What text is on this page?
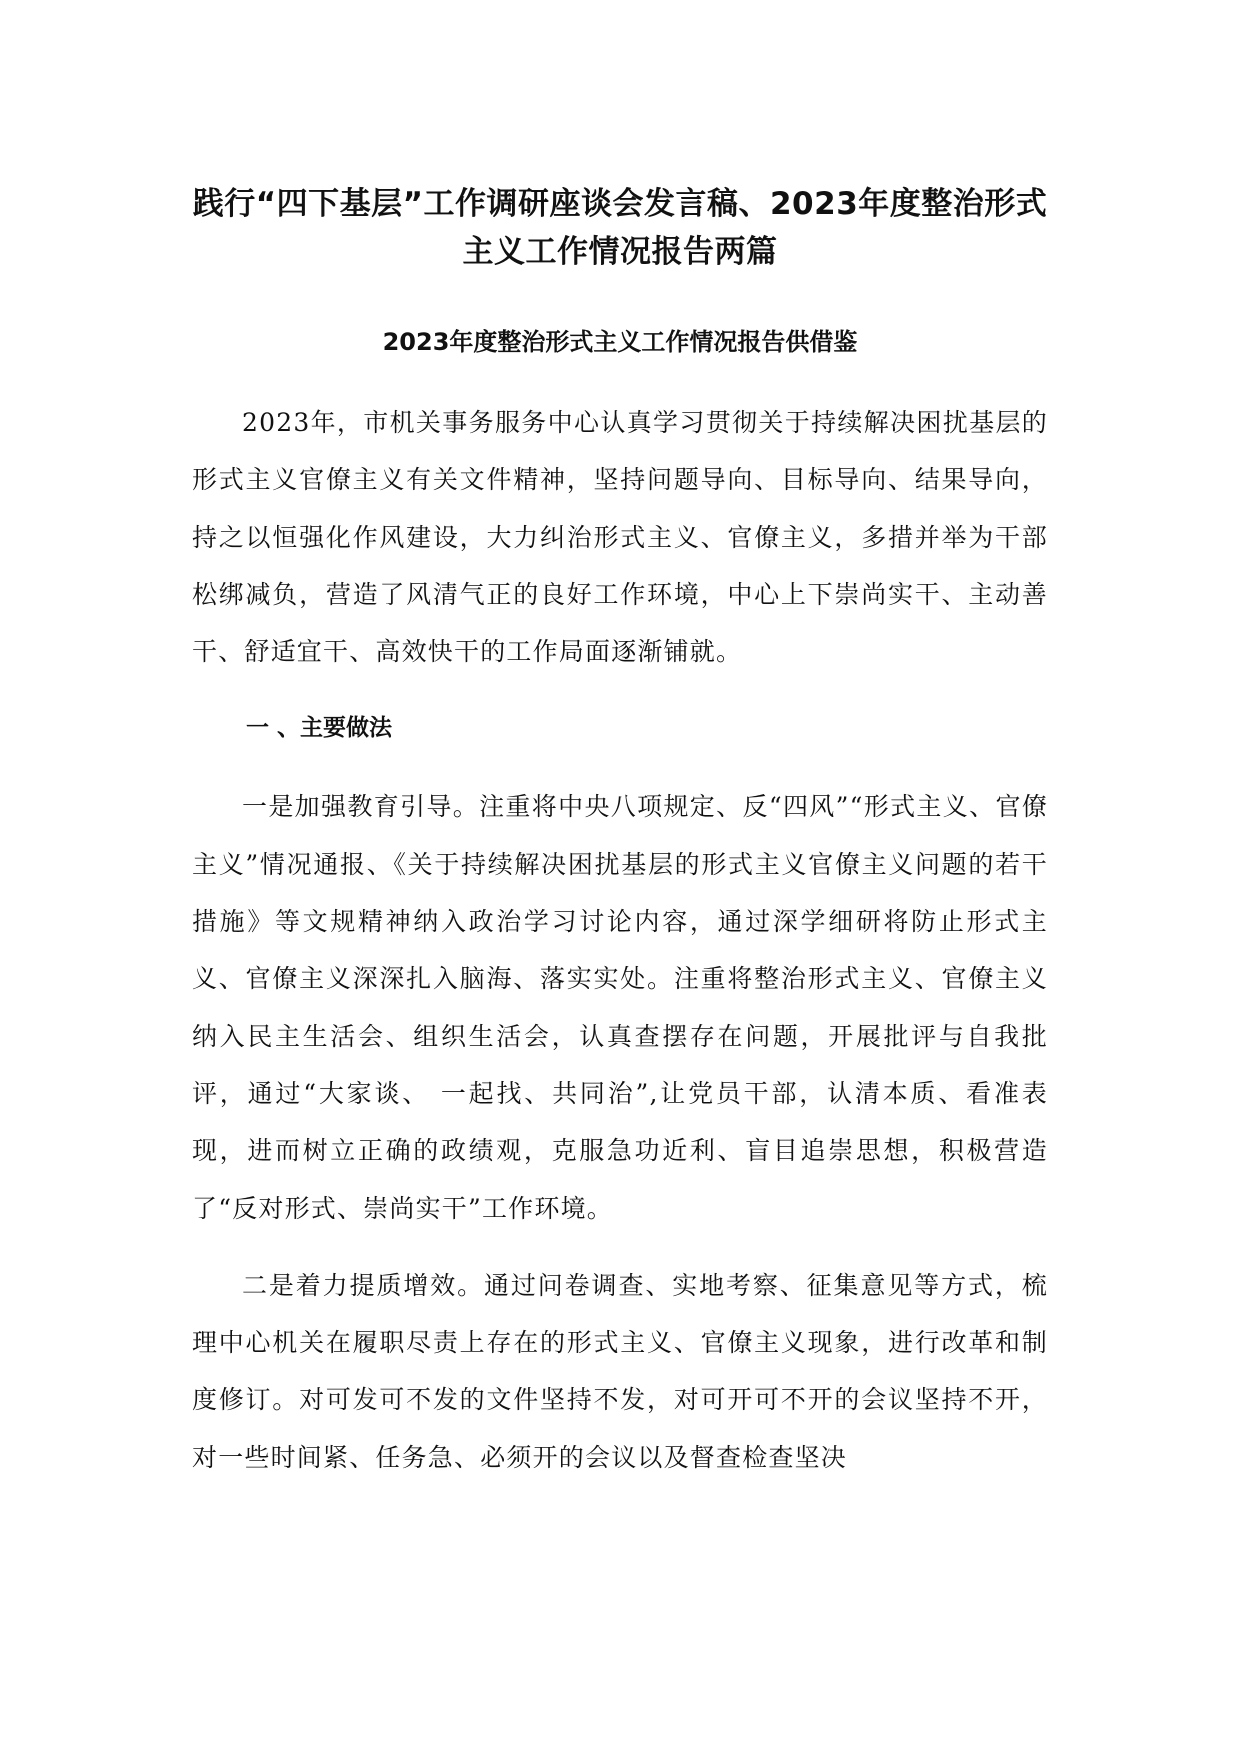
践行“四下基层”工作调研座谈会发言稿、2023年度整治形式主义工作情况报告两篇
2023年度整治形式主义工作情况报告供借鉴

2023年，市机关事务服务中心认真学习贯彻关于持续解决困扰基层的形式主义官僚主义有关文件精神，坚持问题导向、目标导向、结果导向，持之以恒强化作风建设，大力纠治形式主义、官僚主义，多措并举为干部松绑减负，营造了风清气正的良好工作环境，中心上下崇尚实干、主动善干、舒适宜干、高效快干的工作局面逐渐铺就。

一 、主要做法

一是加强教育引导。注重将中央八项规定、反“四风”“形式主义、官僚主义”情况通报、《关于持续解决困扰基层的形式主义官僚主义问题的若干措施》等文规精神纳入政治学习讨论内容，通过深学细研将防止形式主义、官僚主义深深扎入脑海、落实实处。注重将整治形式主义、官僚主义纳入民主生活会、组织生活会，认真查摆存在问题，开展批评与自我批评，通过“大家谈、 一起找、共同治”,让党员干部，认清本质、看准表现，进而树立正确的政绩观，克服急功近利、盲目追崇思想，积极营造了“反对形式、崇尚实干”工作环境。

二是着力提质增效。通过问卷调查、实地考察、征集意见等方式，梳理中心机关在履职尽责上存在的形式主义、官僚主义现象，进行改革和制度修订。对可发可不发的文件坚持不发，对可开可不开的会议坚持不开，对一些时间紧、任务急、必须开的会议以及督查检查坚决
